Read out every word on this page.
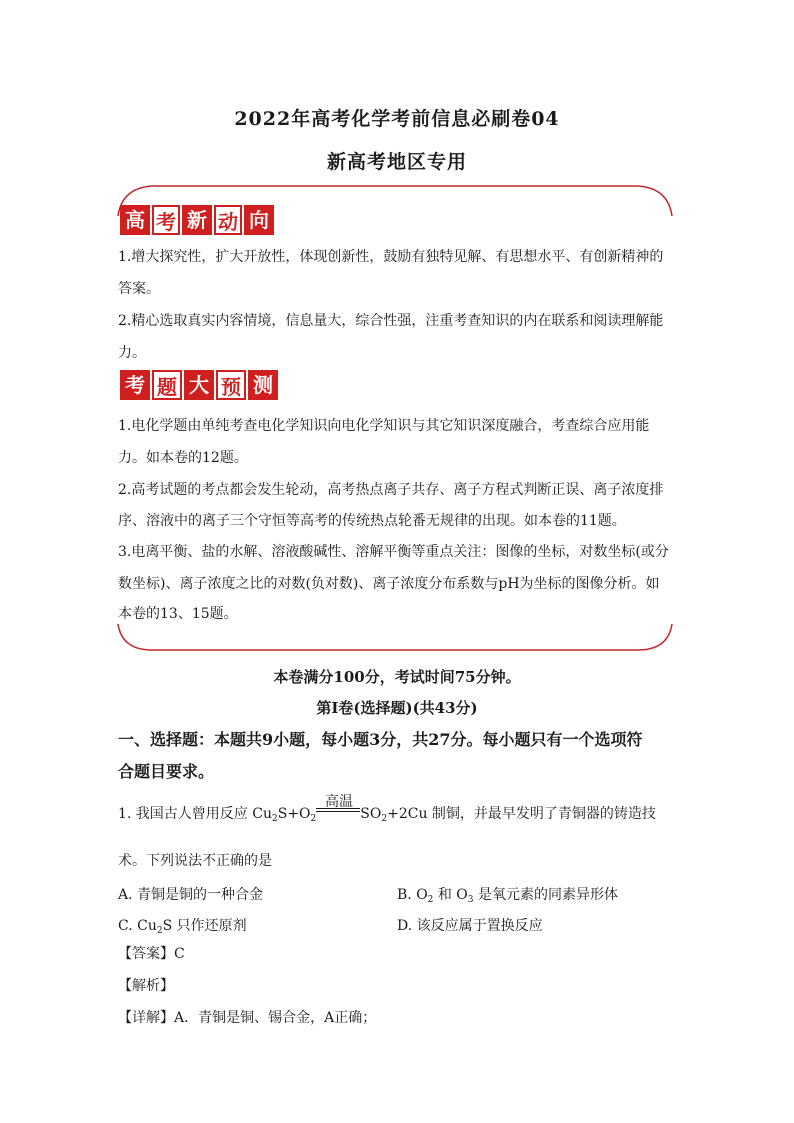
2022年高考化学考前信息必刷卷04
新高考地区专用
高 考 新 动 向
1.增大探究性，扩大开放性，体现创新性，鼓励有独特见解、有思想水平、有创新精神的
答案。
2.精心选取真实内容情境，信息量大，综合性强，注重考查知识的内在联系和阅读理解能
力。
考 题 大 预 测
1.电化学题由单纯考查电化学知识向电化学知识与其它知识深度融合，考查综合应用能
力。如本卷的12题。
2.高考试题的考点都会发生轮动，高考热点离子共存、离子方程式判断正误、离子浓度排
序、溶液中的离子三个守恒等高考的传统热点轮番无规律的出现。如本卷的11题。
3.电离平衡、盐的水解、溶液酸碱性、溶解平衡等重点关注：图像的坐标，对数坐标(或分
数坐标)、离子浓度之比的对数(负对数)、离子浓度分布系数与pH为坐标的图像分析。如
本卷的13、15题。
本卷满分100分，考试时间75分钟。
第Ⅰ卷(选择题)(共43分)
一、选择题：本题共9小题，每小题3分，共27分。每小题只有一个选项符
合题目要求。
1. 我国古人曾用反应 $Cu_2S+O_2$	$SO_2+2Cu$ 制铜，并最早发明了青铜器的铸造技
高温
术。下列说法不正确的是
A. 青铜是铜的一种合金	B. $O_2$ 和 $O_3$ 是氧元素的同素异形体
C. $Cu_2S$ 只作还原剂	D. 该反应属于置换反应
【答案】C
【解析】
【详解】A．青铜是铜、锡合金，A正确；
